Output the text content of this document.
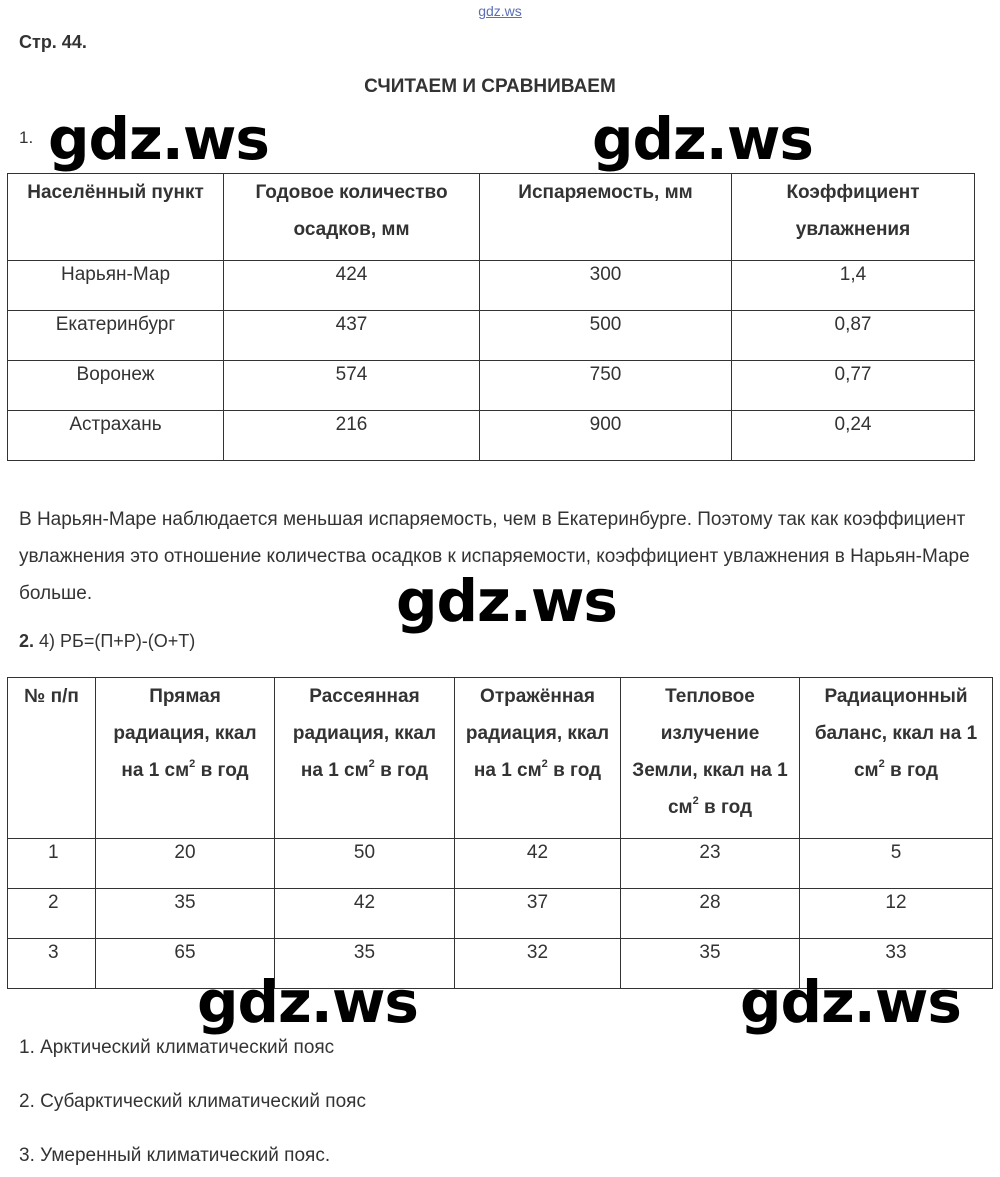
gdz.ws
Стр. 44.
СЧИТАЕМ И СРАВНИВАЕМ
1. gdz.ws	gdz.ws
Населённый пункт	Годовое количество осадков, мм	Испаряемость, мм	Коэффициент увлажнения
Нарьян-Мар	424	300	1,4
Екатеринбург	437	500	0,87
Воронеж	574	750	0,77
Астрахань	216	900	0,24
В Нарьян-Маре наблюдается меньшая испаряемость, чем в Екатеринбурге. Поэтому так как коэффициент увлажнения это отношение количества осадков к испаряемости, коэффициент увлажнения в Нарьян-Маре больше.	gdz.ws
2. 4) РБ=(П+Р)-(О+Т)
№ п/п	Прямая радиация, ккал на 1 $см^2$ в год	Рассеянная радиация, ккал на 1 $см^2$ в год	Отражённая радиация, ккал на 1 $см^2$ в год	Тепловое излучение Земли, ккал на 1 $см^2$ в год	Радиационный баланс, ккал на 1 $см^2$ в год
1	20	50	42	23	5
2	35	42	37	28	12
3	65	35	32	35	33
gdz.ws	gdz.ws
1. Арктический климатический пояс
2. Субарктический климатический пояс
3. Умеренный климатический пояс.
